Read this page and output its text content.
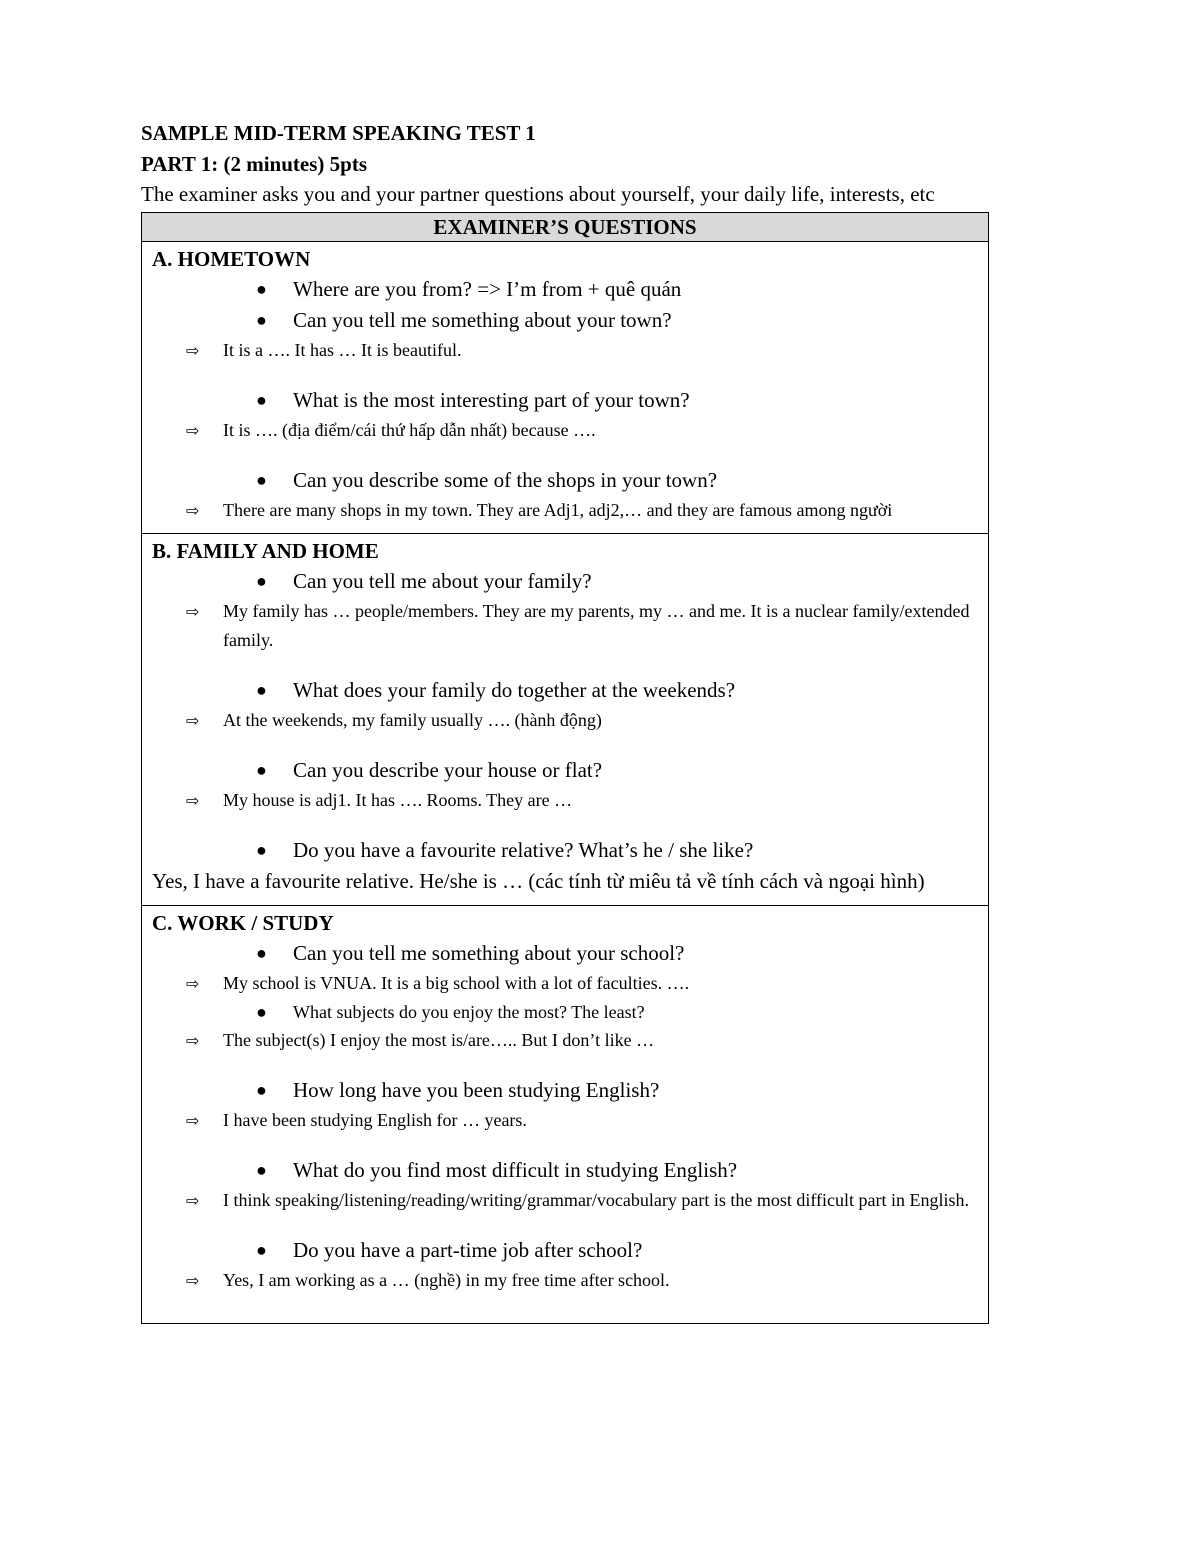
SAMPLE MID-TERM SPEAKING TEST 1
PART 1: (2 minutes) 5pts
The examiner asks you and your partner questions about yourself, your daily life, interests, etc
EXAMINER’S QUESTIONS

A. HOMETOWN
● Where are you from? => I’m from + quê quán
● Can you tell me something about your town?
⇨ It is a …. It has … It is beautiful.
● What is the most interesting part of your town?
⇨ It is …. (địa điểm/cái thứ hấp dẫn nhất) because ….
● Can you describe some of the shops in your town?
⇨ There are many shops in my town. They are Adj1, adj2,… and they are famous among người

B. FAMILY AND HOME
● Can you tell me about your family?
⇨ My family has … people/members. They are my parents, my … and me. It is a nuclear family/extended family.
● What does your family do together at the weekends?
⇨ At the weekends, my family usually …. (hành động)
● Can you describe your house or flat?
⇨ My house is adj1. It has …. Rooms. They are …
● Do you have a favourite relative? What’s he / she like?
Yes, I have a favourite relative. He/she is … (các tính từ miêu tả về tính cách và ngoại hình)

C. WORK / STUDY
● Can you tell me something about your school?
⇨ My school is VNUA. It is a big school with a lot of faculties. ….
● What subjects do you enjoy the most? The least?
⇨ The subject(s) I enjoy the most is/are….. But I don’t like …
● How long have you been studying English?
⇨ I have been studying English for … years.
● What do you find most difficult in studying English?
⇨ I think speaking/listening/reading/writing/grammar/vocabulary part is the most difficult part in English.
● Do you have a part-time job after school?
⇨ Yes, I am working as a … (nghề) in my free time after school.
